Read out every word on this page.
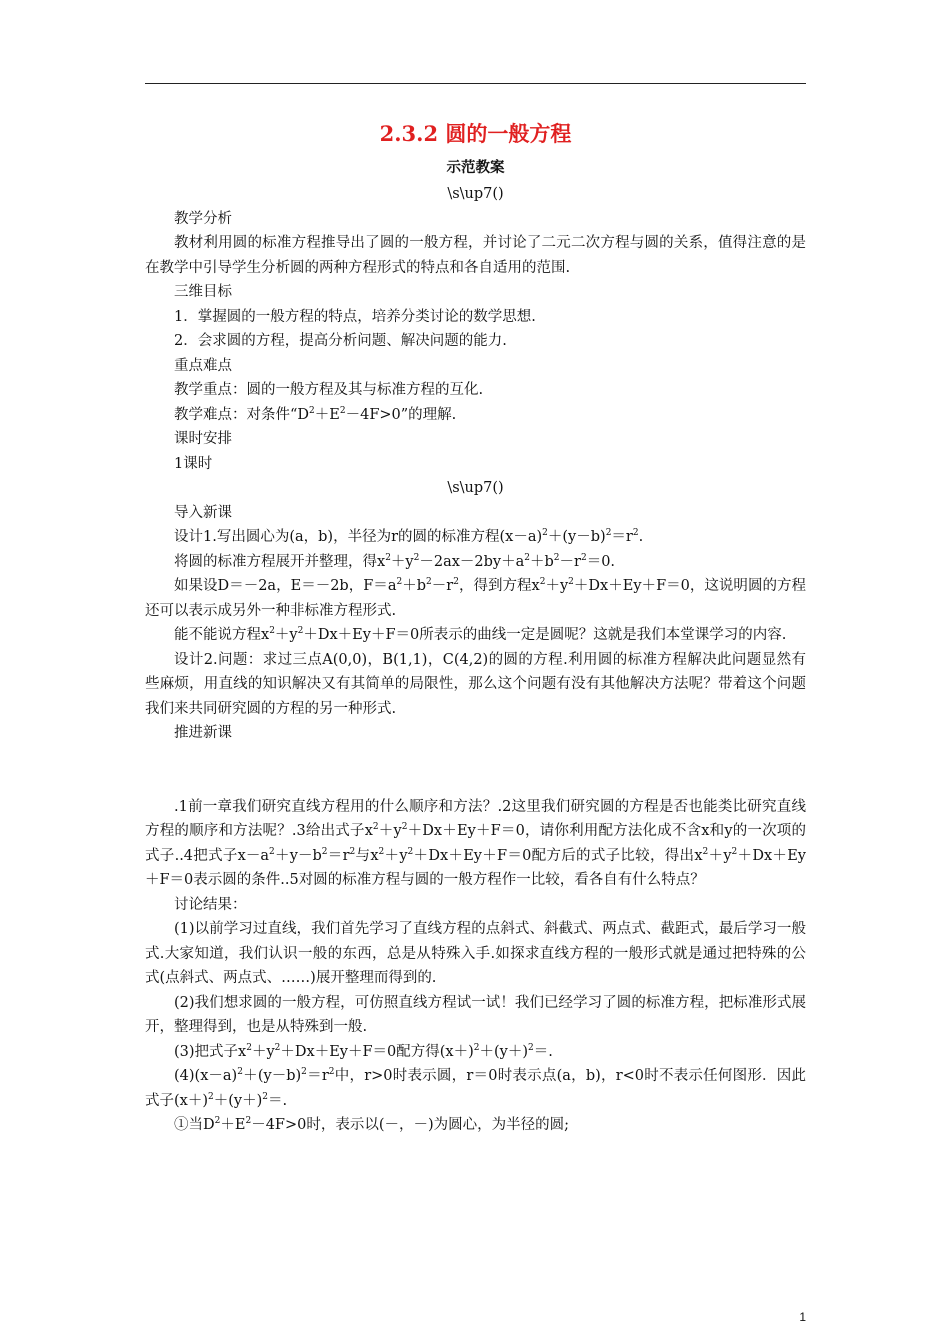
2.3.2 圆的一般方程
示范教案
\s\up7()

教学分析

教材利用圆的标准方程推导出了圆的一般方程，并讨论了二元二次方程与圆的关系，值得注意的是在教学中引导学生分析圆的两种方程形式的特点和各自适用的范围.

三维目标

1．掌握圆的一般方程的特点，培养分类讨论的数学思想.

2．会求圆的方程，提高分析问题、解决问题的能力.

重点难点

教学重点：圆的一般方程及其与标准方程的互化.

教学难点：对条件“$D^2+E^2-4F>0$”的理解.

课时安排

1课时

\s\up7()

导入新课

设计1.写出圆心为(a，b)，半径为r的圆的标准方程$(x-a)^2+(y-b)^2=r^2$.

将圆的标准方程展开并整理，得$x^2+y^2-2ax-2by+a^2+b^2-r^2=0$.

如果设D＝－2a，E＝－2b，$F=a^2+b^2-r^2$，得到方程$x^2+y^2+Dx+Ey+F=0$，这说明圆的方程还可以表示成另外一种非标准方程形式.

能不能说方程$x^2+y^2+Dx+Ey+F=0$所表示的曲线一定是圆呢？这就是我们本堂课学习的内容.

设计2.问题：求过三点A(0,0)，B(1,1)，C(4,2)的圆的方程.利用圆的标准方程解决此问题显然有些麻烦，用直线的知识解决又有其简单的局限性，那么这个问题有没有其他解决方法呢？带着这个问题我们来共同研究圆的方程的另一种形式.

推进新课

.1前一章我们研究直线方程用的什么顺序和方法？.2这里我们研究圆的方程是否也能类比研究直线方程的顺序和方法呢？.3给出式子$x^2+y^2+Dx+Ey+F=0$，请你利用配方法化成不含x和y的一次项的式子..4把式子$x-a^2+y-b^2=r^2$与$x^2+y^2+Dx+Ey+F=0$配方后的式子比较，得出$x^2+y^2+Dx+Ey+F=0$表示圆的条件..5对圆的标准方程与圆的一般方程作一比较，看各自有什么特点？

讨论结果：

(1)以前学习过直线，我们首先学习了直线方程的点斜式、斜截式、两点式、截距式，最后学习一般式.大家知道，我们认识一般的东西，总是从特殊入手.如探求直线方程的一般形式就是通过把特殊的公式(点斜式、两点式、……)展开整理而得到的.

(2)我们想求圆的一般方程，可仿照直线方程试一试！我们已经学习了圆的标准方程，把标准形式展开，整理得到，也是从特殊到一般.

(3)把式子$x^2+y^2+Dx+Ey+F=0$配方得$(x+)^2+(y+)^2=$.

$(4)(x-a)^2+(y-b)^2=r^2$中，r>0时表示圆，r＝0时表示点(a，b)，r<0时不表示任何图形．因此式子$(x+)^2+(y+)^2=$.

①当$D^2+E^2-4F>0$时，表示以(－，－)为圆心，为半径的圆;

1
